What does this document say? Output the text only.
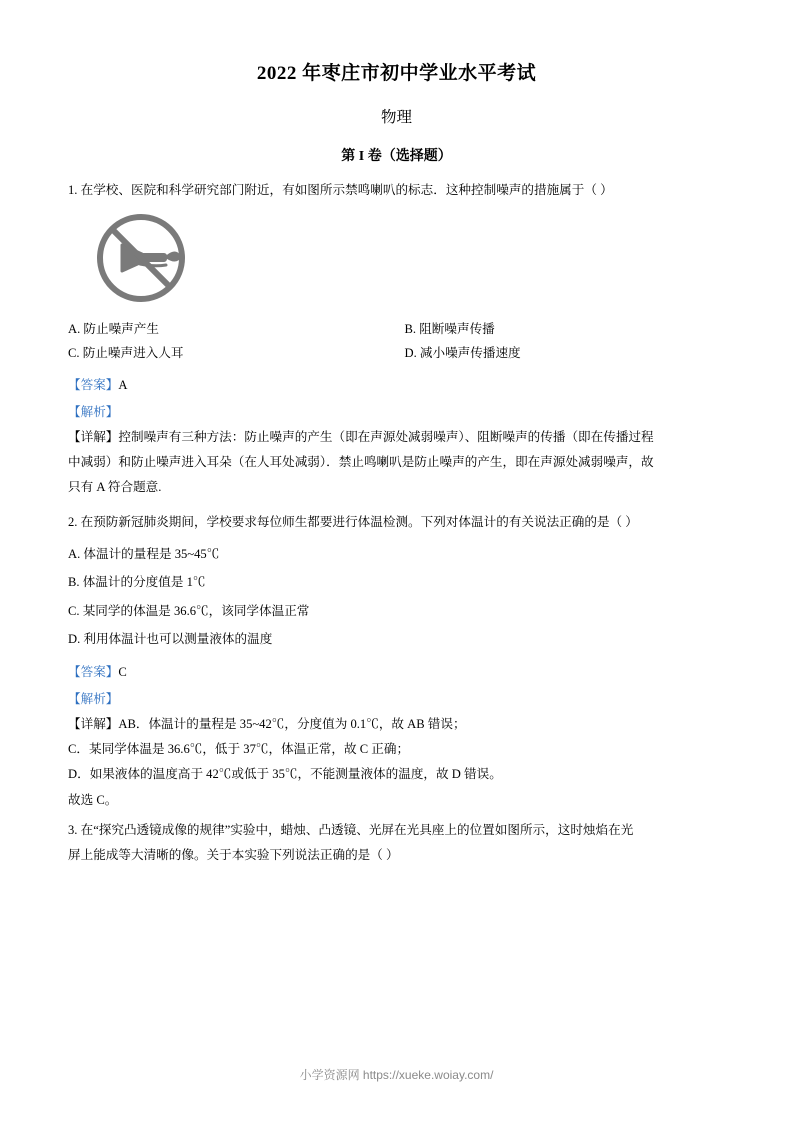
2022 年枣庄市初中学业水平考试
物理
第 I 卷（选择题）

1. 在学校、医院和科学研究部门附近，有如图所示禁鸣喇叭的标志．这种控制噪声的措施属于（ ）

A. 防止噪声产生	B. 阻断噪声传播
C. 防止噪声进入人耳	D. 减小噪声传播速度

【答案】A

【解析】

【详解】控制噪声有三种方法：防止噪声的产生（即在声源处减弱噪声）、阻断噪声的传播（即在传播过程

中减弱）和防止噪声进入耳朵（在人耳处减弱）．禁止鸣喇叭是防止噪声的产生，即在声源处减弱噪声，故

只有 A 符合题意.

2. 在预防新冠肺炎期间，学校要求每位师生都要进行体温检测。下列对体温计的有关说法正确的是（ ）

A. 体温计的量程是 35~45℃

B. 体温计的分度值是 1℃

C. 某同学的体温是 36.6℃，该同学体温正常

D. 利用体温计也可以测量液体的温度

【答案】C

【解析】

【详解】AB．体温计的量程是 35~42℃，分度值为 0.1℃，故 AB 错误；

C．某同学体温是 36.6℃，低于 37℃，体温正常，故 C 正确；

D．如果液体的温度高于 42℃或低于 35℃，不能测量液体的温度，故 D 错误。

故选 C。

3. 在“探究凸透镜成像的规律”实验中，蜡烛、凸透镜、光屏在光具座上的位置如图所示，这时烛焰在光

屏上能成等大清晰的像。关于本实验下列说法正确的是（ ）

小学资源网 https://xueke.woiay.com/
